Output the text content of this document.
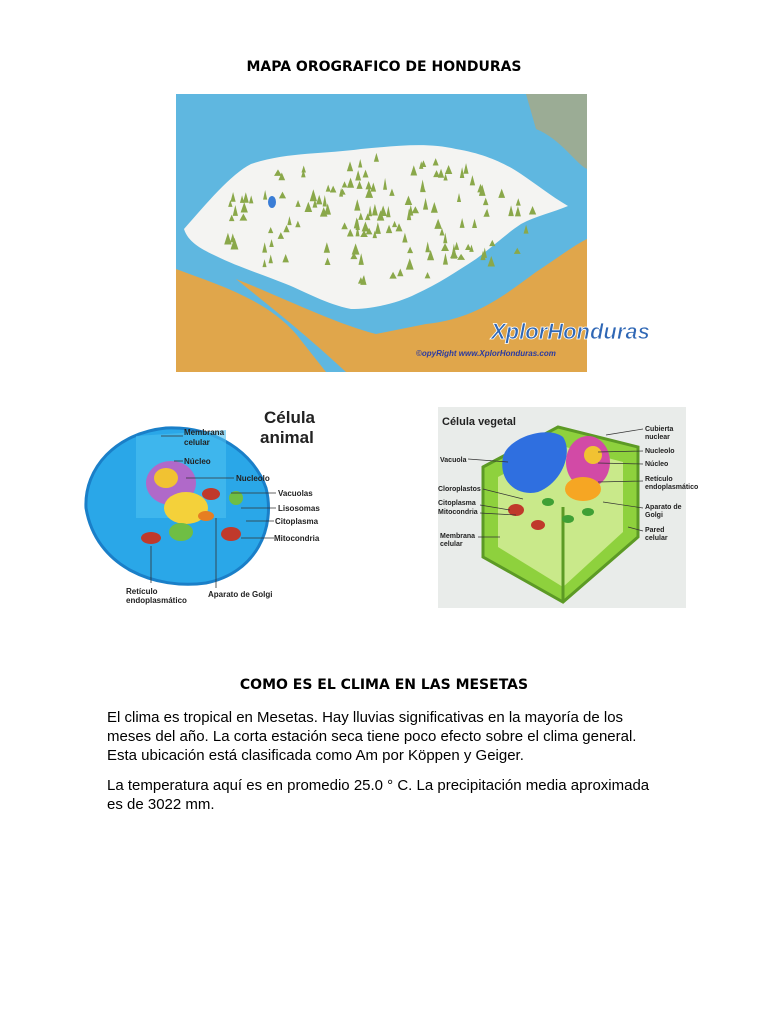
MAPA OROGRAFICO DE HONDURAS
XplorHonduras
©opyRight www.XplorHonduras.com
Célula
animal
Membrana
celular
Núcleo
Nucleolo
Vacuolas
Lisosomas
Citoplasma
Mitocondria
Retículo
endoplasmático
Aparato de Golgi
Célula vegetal
Cubierta
nuclear
Nucleolo
Núcleo
Retículo
endoplasmático
Aparato de
Golgi
Pared
celular
Vacuola
Cloroplastos
Citoplasma
Mitocondria
Membrana
celular
COMO ES EL CLIMA EN LAS MESETAS

El clima es tropical en Mesetas. Hay lluvias significativas en la mayoría de los meses del año. La corta estación seca tiene poco efecto sobre el clima general. Esta ubicación está clasificada como Am por Köppen y Geiger.

La temperatura aquí es en promedio 25.0 ° C. La precipitación media aproximada es de 3022 mm.
